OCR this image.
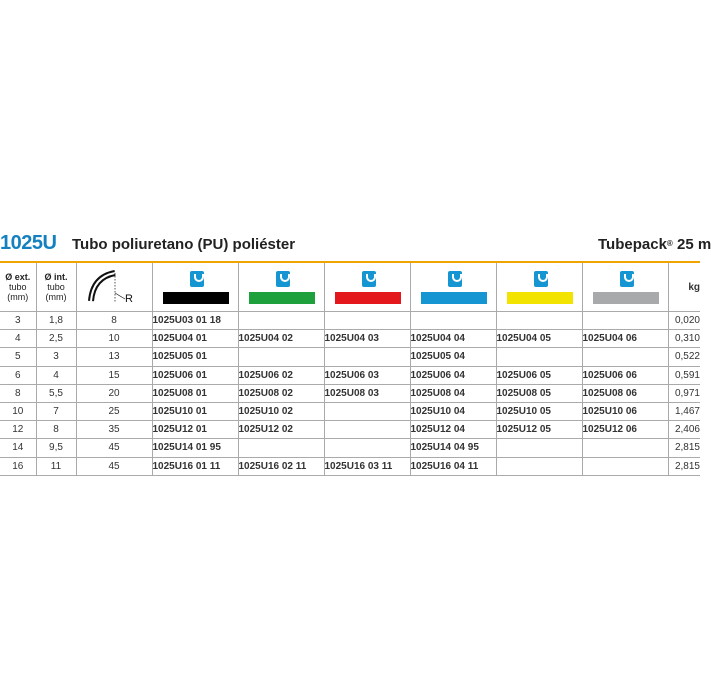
1025U Tubo poliuretano (PU) poliéster	Tubepack® 25 m
Ø ext.
tubo
(mm)	Ø int.
tubo
(mm)	R							kg
3	1,8	8	1025U03 01 18						0,020
4	2,5	10	1025U04 01	1025U04 02	1025U04 03	1025U04 04	1025U04 05	1025U04 06	0,310
5	3	13	1025U05 01			1025U05 04			0,522
6	4	15	1025U06 01	1025U06 02	1025U06 03	1025U06 04	1025U06 05	1025U06 06	0,591
8	5,5	20	1025U08 01	1025U08 02	1025U08 03	1025U08 04	1025U08 05	1025U08 06	0,971
10	7	25	1025U10 01	1025U10 02		1025U10 04	1025U10 05	1025U10 06	1,467
12	8	35	1025U12 01	1025U12 02		1025U12 04	1025U12 05	1025U12 06	2,406
14	9,5	45	1025U14 01 95			1025U14 04 95			2,815
16	11	45	1025U16 01 11	1025U16 02 11	1025U16 03 11	1025U16 04 11			2,815
